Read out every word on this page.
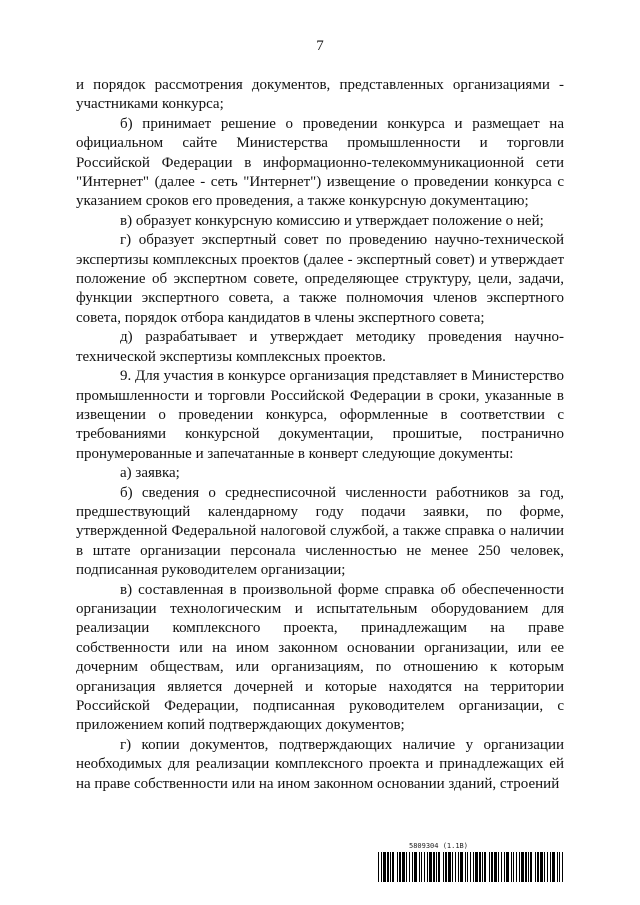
7

и порядок рассмотрения документов, представленных организациями - участниками конкурса;

б) принимает решение о проведении конкурса и размещает на официальном сайте Министерства промышленности и торговли Российской Федерации в информационно-телекоммуникационной сети "Интернет" (далее - сеть "Интернет") извещение о проведении конкурса с указанием сроков его проведения, а также конкурсную документацию;

в) образует конкурсную комиссию и утверждает положение о ней;

г) образует экспертный совет по проведению научно-технической экспертизы комплексных проектов (далее - экспертный совет) и утверждает положение об экспертном совете, определяющее структуру, цели, задачи, функции экспертного совета, а также полномочия членов экспертного совета, порядок отбора кандидатов в члены экспертного совета;

д) разрабатывает и утверждает методику проведения научно-технической экспертизы комплексных проектов.

9. Для участия в конкурсе организация представляет в Министерство промышленности и торговли Российской Федерации в сроки, указанные в извещении о проведении конкурса, оформленные в соответствии с требованиями конкурсной документации, прошитые, постранично пронумерованные и запечатанные в конверт следующие документы:

а) заявка;

б) сведения о среднесписочной численности работников за год, предшествующий календарному году подачи заявки, по форме, утвержденной Федеральной налоговой службой, а также справка о наличии в штате организации персонала численностью не менее 250 человек, подписанная руководителем организации;

в) составленная в произвольной форме справка об обеспеченности организации технологическим и испытательным оборудованием для реализации комплексного проекта, принадлежащим на праве собственности или на ином законном основании организации, или ее дочерним обществам, или организациям, по отношению к которым организация является дочерней и которые находятся на территории Российской Федерации, подписанная руководителем организации, с приложением копий подтверждающих документов;

г) копии документов, подтверждающих наличие у организации необходимых для реализации комплексного проекта и принадлежащих ей на праве собственности или на ином законном основании зданий, строений

5809304 (1.1B)
